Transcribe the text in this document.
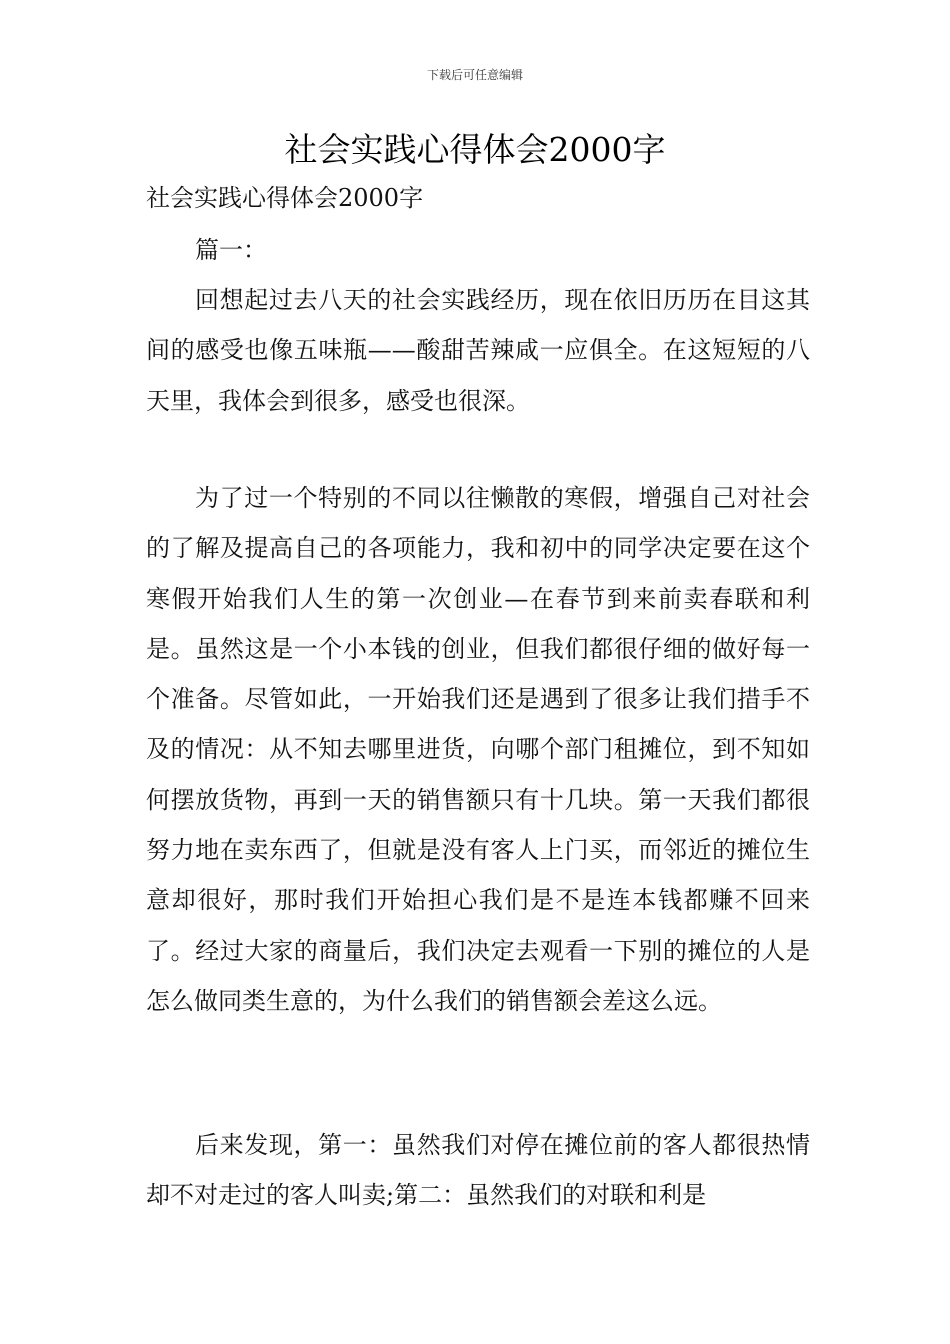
下载后可任意编辑
社会实践心得体会2000字
社会实践心得体会2000字
篇一：

回想起过去八天的社会实践经历，现在依旧历历在目这其间的感受也像五味瓶——酸甜苦辣咸一应俱全。在这短短的八天里，我体会到很多，感受也很深。

为了过一个特别的不同以往懒散的寒假，增强自己对社会的了解及提高自己的各项能力，我和初中的同学决定要在这个寒假开始我们人生的第一次创业—在春节到来前卖春联和利是。虽然这是一个小本钱的创业，但我们都很仔细的做好每一个准备。尽管如此，一开始我们还是遇到了很多让我们措手不及的情况：从不知去哪里进货，向哪个部门租摊位，到不知如何摆放货物，再到一天的销售额只有十几块。第一天我们都很努力地在卖东西了，但就是没有客人上门买，而邻近的摊位生意却很好，那时我们开始担心我们是不是连本钱都赚不回来了。经过大家的商量后，我们决定去观看一下别的摊位的人是怎么做同类生意的，为什么我们的销售额会差这么远。

后来发现，第一：虽然我们对停在摊位前的客人都很热情却不对走过的客人叫卖;第二：虽然我们的对联和利是
